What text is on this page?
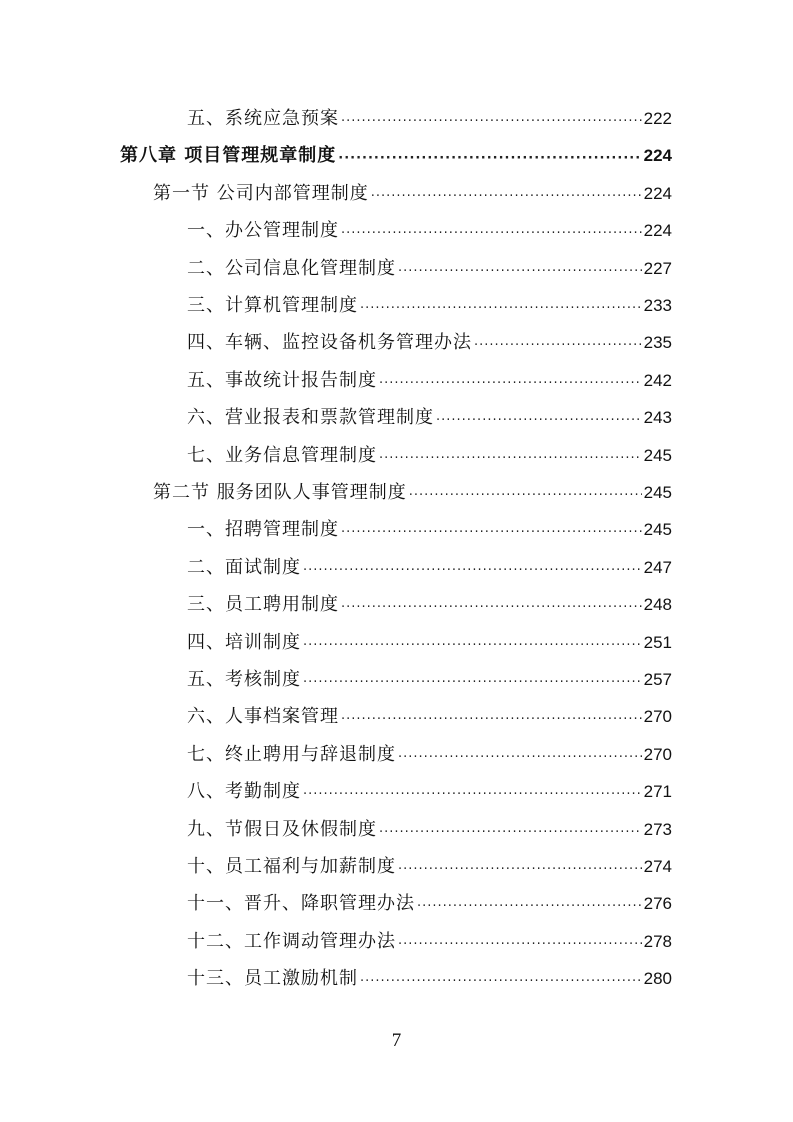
五、系统应急预案 ·····	222
第八章 项目管理规章制度 ·····	224
第一节 公司内部管理制度 ·····	224
一、办公管理制度 ·····	224
二、公司信息化管理制度 ·····	227
三、计算机管理制度 ·····	233
四、车辆、监控设备机务管理办法 ·····	235
五、事故统计报告制度 ·····	242
六、营业报表和票款管理制度 ·····	243
七、业务信息管理制度 ·····	245
第二节 服务团队人事管理制度 ·····	245
一、招聘管理制度 ·····	245
二、面试制度 ·····	247
三、员工聘用制度 ·····	248
四、培训制度 ·····	251
五、考核制度 ·····	257
六、人事档案管理 ·····	270
七、终止聘用与辞退制度 ·····	270
八、考勤制度 ·····	271
九、节假日及休假制度 ·····	273
十、员工福利与加薪制度 ·····	274
十一、晋升、降职管理办法 ·····	276
十二、工作调动管理办法 ·····	278
十三、员工激励机制 ·····	280
7
